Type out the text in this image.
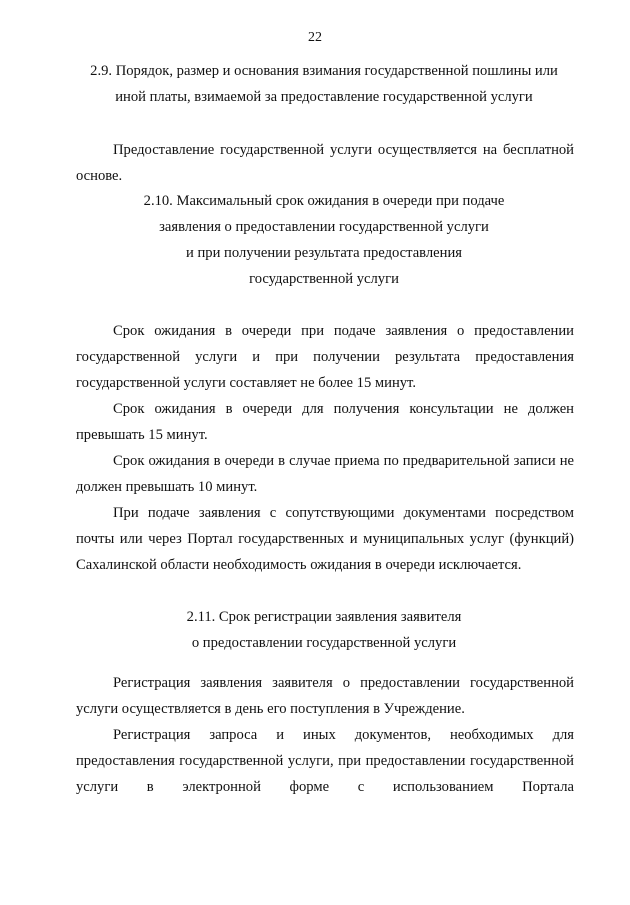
22
2.9. Порядок, размер и основания взимания государственной пошлины или
иной платы, взимаемой за предоставление государственной услуги

Предоставление государственной услуги осуществляется на бесплатной основе.

2.10. Максимальный срок ожидания в очереди при подаче
заявления о предоставлении государственной услуги
и при получении результата предоставления
государственной услуги

Срок ожидания в очереди при подаче заявления о предоставлении государственной услуги и при получении результата предоставления государственной услуги составляет не более 15 минут.

Срок ожидания в очереди для получения консультации не должен превышать 15 минут.

Срок ожидания в очереди в случае приема по предварительной записи не должен превышать 10 минут.

При подаче заявления с сопутствующими документами посредством почты или через Портал государственных и муниципальных услуг (функций) Сахалинской области необходимость ожидания в очереди исключается.

2.11. Срок регистрации заявления заявителя
о предоставлении государственной услуги

Регистрация заявления заявителя о предоставлении государственной услуги осуществляется в день его поступления в Учреждение.

Регистрация запроса и иных документов, необходимых для предоставления государственной услуги, при предоставлении государственной услуги в электронной форме с использованием Портала
